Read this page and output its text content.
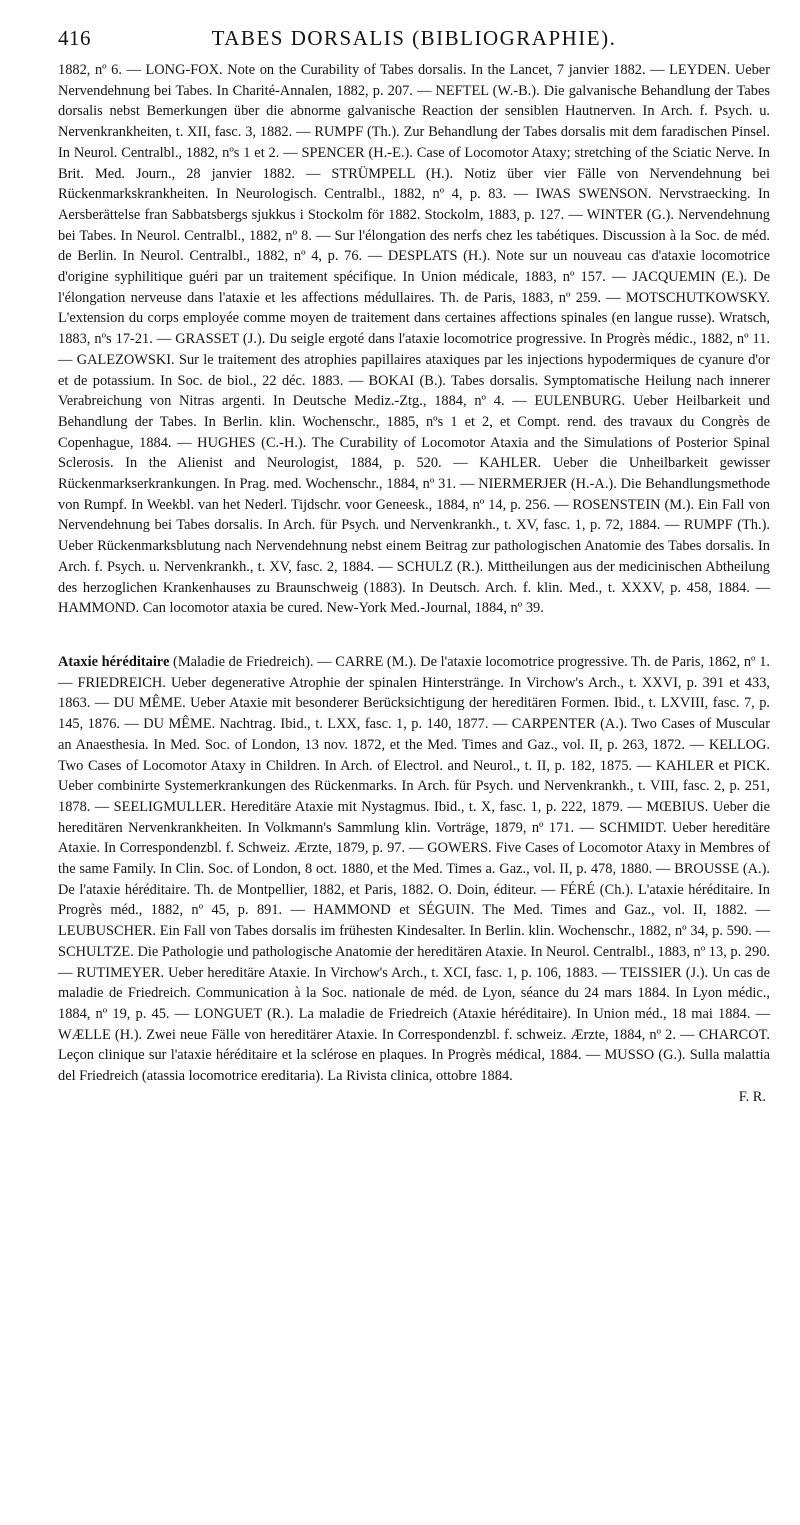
416	TABES DORSALIS (BIBLIOGRAPHIE).

1882, nº 6. — LONG-FOX. Note on the Curability of Tabes dorsalis. In the Lancet, 7 janvier 1882. — LEYDEN. Ueber Nervendehnung bei Tabes. In Charité-Annalen, 1882, p. 207. — NEFTEL (W.-B.). Die galvanische Behandlung der Tabes dorsalis nebst Bemerkungen über die abnorme galvanische Reaction der sensiblen Hautnerven. In Arch. f. Psych. u. Nervenkrankheiten, t. XII, fasc. 3, 1882. — RUMPF (Th.). Zur Behandlung der Tabes dorsalis mit dem faradischen Pinsel. In Neurol. Centralbl., 1882, nºs 1 et 2. — SPENCER (H.-E.). Case of Locomotor Ataxy; stretching of the Sciatic Nerve. In Brit. Med. Journ., 28 janvier 1882. — STRÜMPELL (H.). Notiz über vier Fälle von Nervendehnung bei Rückenmarkskrankheiten. In Neurologisch. Centralbl., 1882, nº 4, p. 83. — IWAS SWENSON. Nervstraecking. In Aersberättelse fran Sabbatsbergs sjukkus i Stockolm för 1882. Stockolm, 1883, p. 127. — WINTER (G.). Nervendehnung bei Tabes. In Neurol. Centralbl., 1882, nº 8. — Sur l'élongation des nerfs chez les tabétiques. Discussion à la Soc. de méd. de Berlin. In Neurol. Centralbl., 1882, nº 4, p. 76. — DESPLATS (H.). Note sur un nouveau cas d'ataxie locomotrice d'origine syphilitique guéri par un traitement spécifique. In Union médicale, 1883, nº 157. — JACQUEMIN (E.). De l'élongation nerveuse dans l'ataxie et les affections médullaires. Th. de Paris, 1883, nº 259. — MOTSCHUTKOWSKY. L'extension du corps employée comme moyen de traitement dans certaines affections spinales (en langue russe). Wratsch, 1883, nºs 17-21. — GRASSET (J.). Du seigle ergoté dans l'ataxie locomotrice progressive. In Progrès médic., 1882, nº 11. — GALEZOWSKI. Sur le traitement des atrophies papillaires ataxiques par les injections hypodermiques de cyanure d'or et de potassium. In Soc. de biol., 22 déc. 1883. — BOKAI (B.). Tabes dorsalis. Symptomatische Heilung nach innerer Verabreichung von Nitras argenti. In Deutsche Mediz.-Ztg., 1884, nº 4. — EULENBURG. Ueber Heilbarkeit und Behandlung der Tabes. In Berlin. klin. Wochenschr., 1885, nºs 1 et 2, et Compt. rend. des travaux du Congrès de Copenhague, 1884. — HUGHES (C.-H.). The Curability of Locomotor Ataxia and the Simulations of Posterior Spinal Sclerosis. In the Alienist and Neurologist, 1884, p. 520. — KAHLER. Ueber die Unheilbarkeit gewisser Rückenmarkserkrankungen. In Prag. med. Wochenschr., 1884, nº 31. — NIERMERJER (H.-A.). Die Behandlungsmethode von Rumpf. In Weekbl. van het Nederl. Tijdschr. voor Geneesk., 1884, nº 14, p. 256. — ROSENSTEIN (M.). Ein Fall von Nervendehnung bei Tabes dorsalis. In Arch. für Psych. und Nervenkrankh., t. XV, fasc. 1, p. 72, 1884. — RUMPF (Th.). Ueber Rückenmarksblutung nach Nervendehnung nebst einem Beitrag zur pathologischen Anatomie des Tabes dorsalis. In Arch. f. Psych. u. Nervenkrankh., t. XV, fasc. 2, 1884. — SCHULZ (R.). Mittheilungen aus der medicinischen Abtheilung des herzoglichen Krankenhauses zu Braunschweig (1883). In Deutsch. Arch. f. klin. Med., t. XXXV, p. 458, 1884. — HAMMOND. Can locomotor ataxia be cured. New-York Med.-Journal, 1884, nº 39.

Ataxie héréditaire (Maladie de Friedreich). — CARRE (M.). De l'ataxie locomotrice progressive. Th. de Paris, 1862, nº 1. — FRIEDREICH. Ueber degenerative Atrophie der spinalen Hinterstränge. In Virchow's Arch., t. XXVI, p. 391 et 433, 1863. — DU MÊME. Ueber Ataxie mit besonderer Berücksichtigung der hereditären Formen. Ibid., t. LXVIII, fasc. 7, p. 145, 1876. — DU MÊME. Nachtrag. Ibid., t. LXX, fasc. 1, p. 140, 1877. — CARPENTER (A.). Two Cases of Muscular an Anaesthesia. In Med. Soc. of London, 13 nov. 1872, et the Med. Times and Gaz., vol. II, p. 263, 1872. — KELLOG. Two Cases of Locomotor Ataxy in Children. In Arch. of Electrol. and Neurol., t. II, p. 182, 1875. — KAHLER et PICK. Ueber combinirte Systemerkrankungen des Rückenmarks. In Arch. für Psych. und Nervenkrankh., t. VIII, fasc. 2, p. 251, 1878. — SEELIGMULLER. Hereditäre Ataxie mit Nystagmus. Ibid., t. X, fasc. 1, p. 222, 1879. — MŒBIUS. Ueber die hereditären Nervenkrankheiten. In Volkmann's Sammlung klin. Vorträge, 1879, nº 171. — SCHMIDT. Ueber hereditäre Ataxie. In Correspondenzbl. f. Schweiz. Ærzte, 1879, p. 97. — GOWERS. Five Cases of Locomotor Ataxy in Membres of the same Family. In Clin. Soc. of London, 8 oct. 1880, et the Med. Times a. Gaz., vol. II, p. 478, 1880. — BROUSSE (A.). De l'ataxie héréditaire. Th. de Montpellier, 1882, et Paris, 1882. O. Doin, éditeur. — FÉRÉ (Ch.). L'ataxie héréditaire. In Progrès méd., 1882, nº 45, p. 891. — HAMMOND et SÉGUIN. The Med. Times and Gaz., vol. II, 1882. — LEUBUSCHER. Ein Fall von Tabes dorsalis im frühesten Kindesalter. In Berlin. klin. Wochenschr., 1882, nº 34, p. 590. — SCHULTZE. Die Pathologie und pathologische Anatomie der hereditären Ataxie. In Neurol. Centralbl., 1883, nº 13, p. 290. — RUTIMEYER. Ueber hereditäre Ataxie. In Virchow's Arch., t. XCI, fasc. 1, p. 106, 1883. — TEISSIER (J.). Un cas de maladie de Friedreich. Communication à la Soc. nationale de méd. de Lyon, séance du 24 mars 1884. In Lyon médic., 1884, nº 19, p. 45. — LONGUET (R.). La maladie de Friedreich (Ataxie héréditaire). In Union méd., 18 mai 1884. — WÆLLE (H.). Zwei neue Fälle von hereditärer Ataxie. In Correspondenzbl. f. schweiz. Ærzte, 1884, nº 2. — CHARCOT. Leçon clinique sur l'ataxie héréditaire et la sclérose en plaques. In Progrès médical, 1884. — MUSSO (G.). Sulla malattia del Friedreich (atassia locomotrice ereditaria). La Rivista clinica, ottobre 1884.

F. R.
